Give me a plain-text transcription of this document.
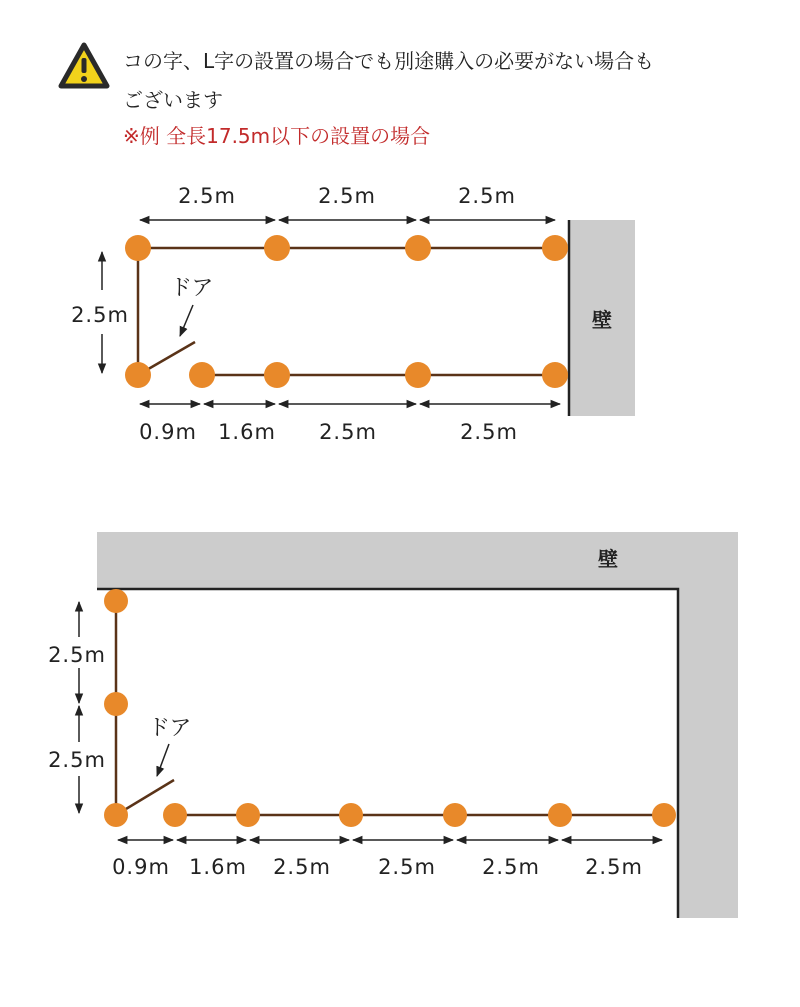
コの字、L字の設置の場合でも別途購入の必要がない場合も
ございます
※例 全長17.5m以下の設置の場合
壁
ドア
2.5m	2.5m	2.5m
2.5m
0.9m 1.6m 2.5m	2.5m
壁
ドア
2.5m
2.5m
0.9m 1.6m 2.5m 2.5m 2.5m 2.5m
